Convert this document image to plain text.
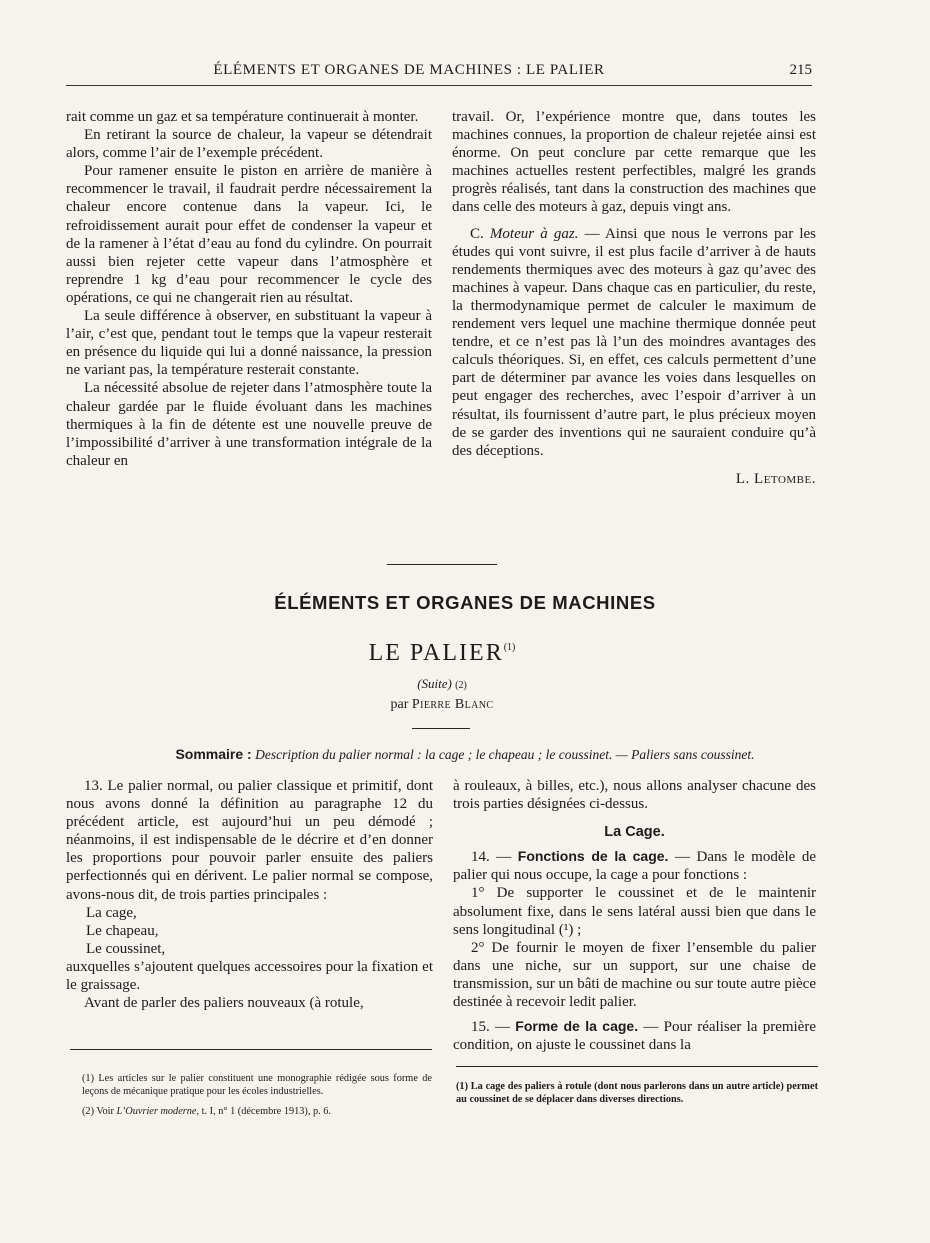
ÉLÉMENTS ET ORGANES DE MACHINES : LE PALIER	215

rait comme un gaz et sa température continuerait à monter.

En retirant la source de chaleur, la vapeur se détendrait alors, comme l’air de l’exemple précédent.

Pour ramener ensuite le piston en arrière de manière à recommencer le travail, il faudrait perdre nécessairement la chaleur encore contenue dans la vapeur. Ici, le refroidissement aurait pour effet de condenser la vapeur et de la ramener à l’état d’eau au fond du cylindre. On pourrait aussi bien rejeter cette vapeur dans l’atmosphère et reprendre 1 kg d’eau pour recommencer le cycle des opérations, ce qui ne changerait rien au résultat.

La seule différence à observer, en substituant la vapeur à l’air, c’est que, pendant tout le temps que la vapeur resterait en présence du liquide qui lui a donné naissance, la pression ne variant pas, la température resterait constante.

La nécessité absolue de rejeter dans l’atmosphère toute la chaleur gardée par le fluide évoluant dans les machines thermiques à la fin de détente est une nouvelle preuve de l’impossibilité d’arriver à une transformation intégrale de la chaleur en

travail. Or, l’expérience montre que, dans toutes les machines connues, la proportion de chaleur rejetée ainsi est énorme. On peut conclure par cette remarque que les machines actuelles restent perfectibles, malgré les grands progrès réalisés, tant dans la construction des machines que dans celle des moteurs à gaz, depuis vingt ans.

C. Moteur à gaz. — Ainsi que nous le verrons par les études qui vont suivre, il est plus facile d’arriver à de hauts rendements thermiques avec des moteurs à gaz qu’avec des machines à vapeur. Dans chaque cas en particulier, du reste, la thermodynamique permet de calculer le maximum de rendement vers lequel une machine thermique donnée peut tendre, et ce n’est pas là l’un des moindres avantages des calculs théoriques. Si, en effet, ces calculs permettent d’une part de déterminer par avance les voies dans lesquelles on peut engager des recherches, avec l’espoir d’arriver à un résultat, ils fournissent d’autre part, le plus précieux moyen de se garder des inventions qui ne sauraient conduire qu’à des déceptions.

L. Letombe.

ÉLÉMENTS ET ORGANES DE MACHINES
LE PALIER$^{(1)}$
(Suite) (2)
par Pierre Blanc
Sommaire : Description du palier normal : la cage ; le chapeau ; le coussinet. — Paliers sans coussinet.

13. Le palier normal, ou palier classique et primitif, dont nous avons donné la définition au paragraphe 12 du précédent article, est aujourd’hui un peu démodé ; néanmoins, il est indispensable de le décrire et d’en donner les proportions pour pouvoir parler ensuite des paliers perfectionnés qui en dérivent. Le palier normal se compose, avons-nous dit, de trois parties principales :

La cage,

Le chapeau,

Le coussinet,

auxquelles s’ajoutent quelques accessoires pour la fixation et le graissage.

Avant de parler des paliers nouveaux (à rotule,

à rouleaux, à billes, etc.), nous allons analyser chacune des trois parties désignées ci-dessus.

La Cage.

14. — Fonctions de la cage. — Dans le modèle de palier qui nous occupe, la cage a pour fonctions :

1° De supporter le coussinet et de le maintenir absolument fixe, dans le sens latéral aussi bien que dans le sens longitudinal (¹) ;

2° De fournir le moyen de fixer l’ensemble du palier dans une niche, sur un support, sur une chaise de transmission, sur un bâti de machine ou sur toute autre pièce destinée à recevoir ledit palier.

15. — Forme de la cage. — Pour réaliser la première condition, on ajuste le coussinet dans la

(1) Les articles sur le palier constituent une monographie rédigée sous forme de leçons de mécanique pratique pour les écoles industrielles.

(2) Voir L’Ouvrier moderne, t. I, n° 1 (décembre 1913), p. 6.

(1) La cage des paliers à rotule (dont nous parlerons dans un autre article) permet au coussinet de se déplacer dans diverses directions.
